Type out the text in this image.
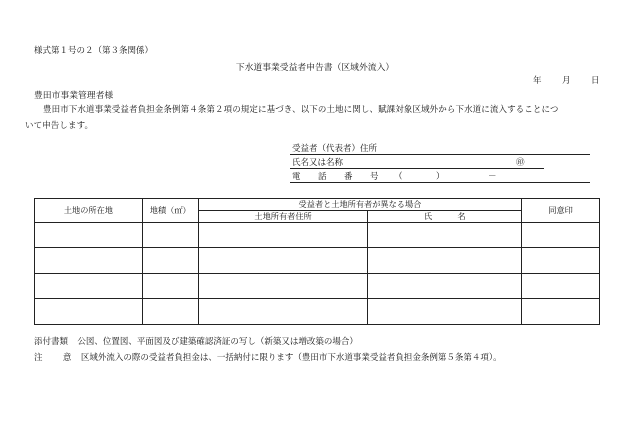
様式第１号の２（第３条関係）
下水道事業受益者申告書（区域外流入）
年 月 日
豊田市事業管理者様
豊田市下水道事業受益者負担金条例第４条第２項の規定に基づき、以下の土地に関し、賦課対象区域外から下水道に流入することにつ
いて申告します。
受益者（代表者）住所
氏名又は名称	㊞
電 話 番 号 （	）	－
土地の所在地	地積（㎡）	受益者と土地所有者が異なる場合		同意印
		土地所有者住所	氏 名	

添付書類 公図、位置図、平面図及び建築確認済証の写し（新築又は増改築の場合）
注 意 区域外流入の際の受益者負担金は、一括納付に限ります（豊田市下水道事業受益者負担金条例第５条第４項）。
